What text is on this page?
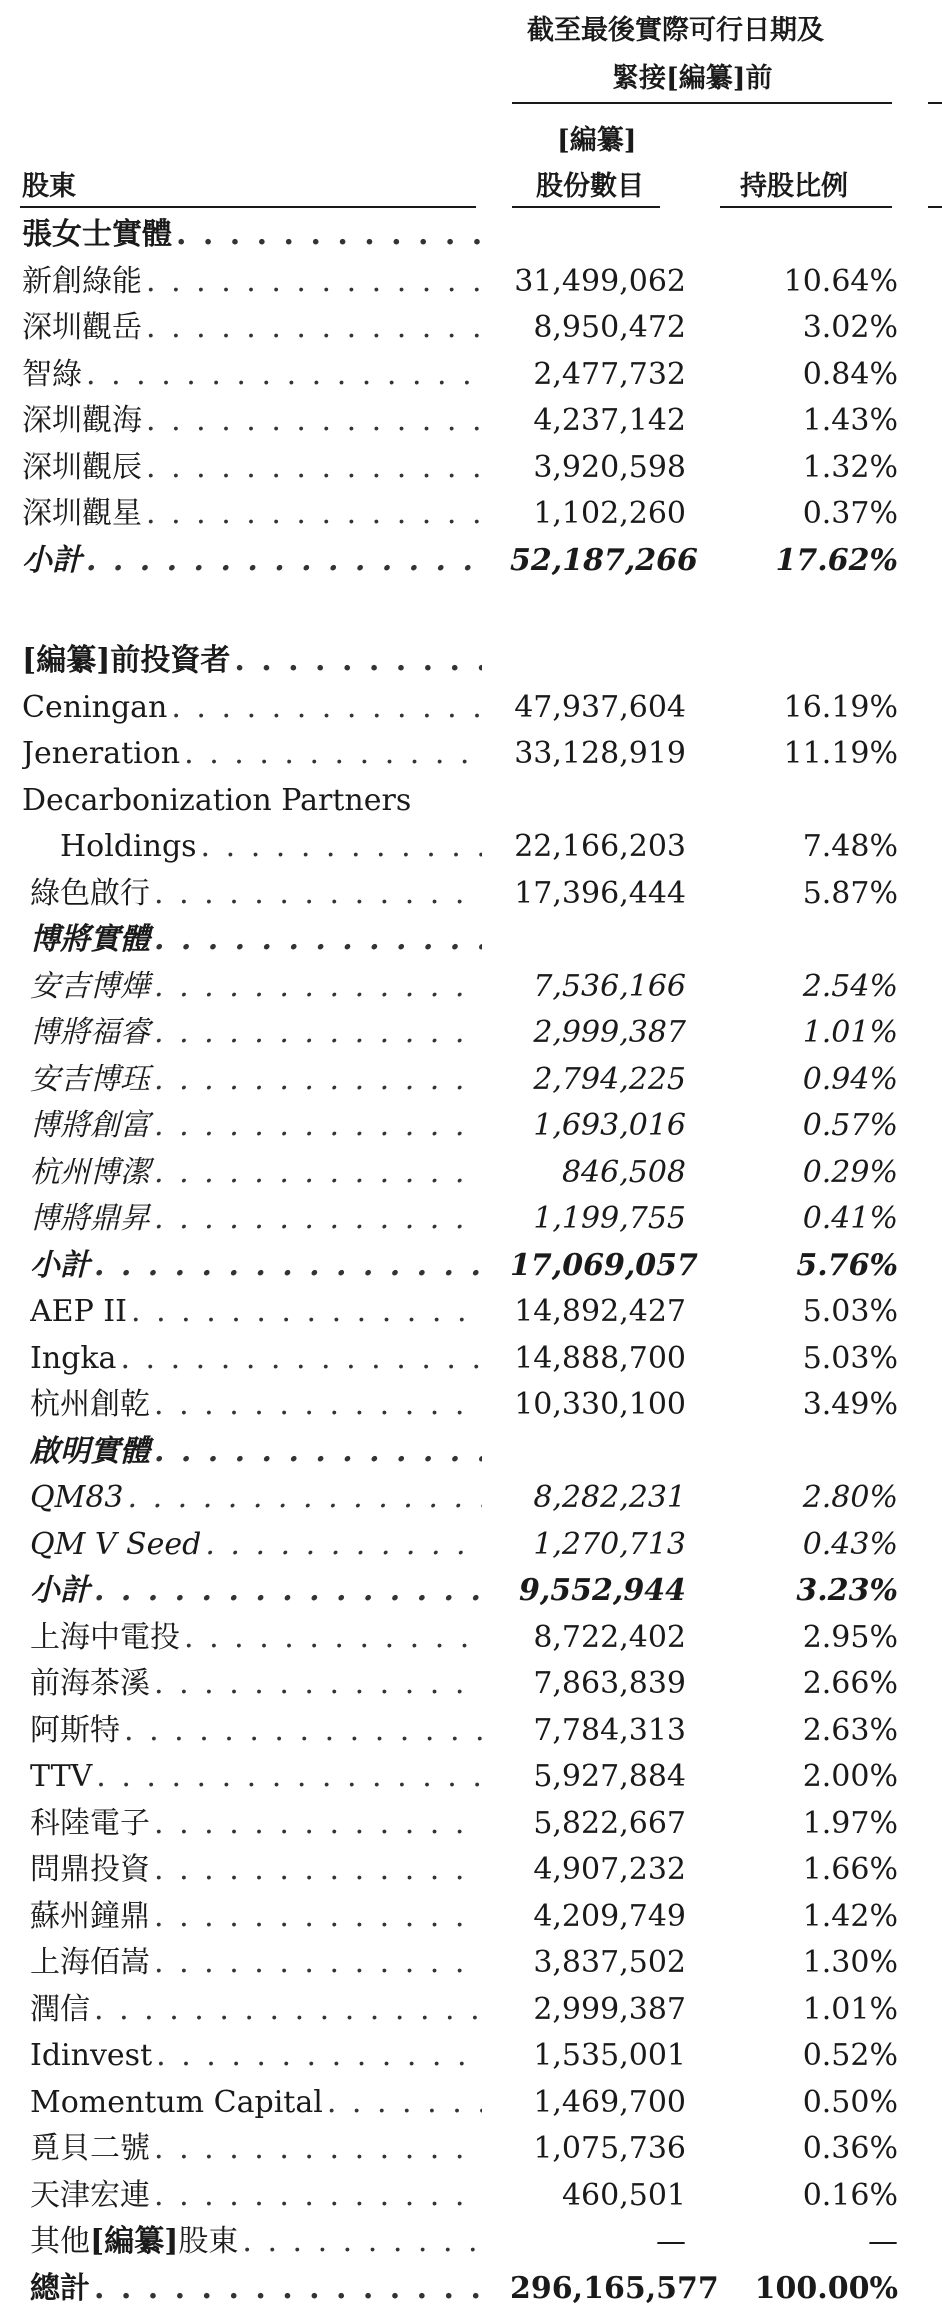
截至最後實際可行日期及
緊接[編纂]前
[編纂]
股份數目	持股比例
股東
張女士實體
. . .
新創綠能 . . .	31,499,062	10.64%
深圳觀岳 . . .	8,950,472	3.02%
智綠 . . .	2,477,732	0.84%
深圳觀海 . . .	4,237,142	1.43%
深圳觀辰 . . .	3,920,598	1.32%
深圳觀星 . . .	1,102,260	0.37%
小計 . . .	52,187,266	17.62%
[編纂]前投資者
. . .
Ceningan . . .	47,937,604	16.19%
Jeneration . . .	33,128,919	11.19%
Decarbonization Partners
Holdings . . .	22,166,203	7.48%
綠色啟行 . . .	17,396,444	5.87%
博將實體
. . .
安吉博燁 . . .	7,536,166	2.54%
博將福睿 . . .	2,999,387	1.01%
安吉博珏 . . .	2,794,225	0.94%
博將創富 . . .	1,693,016	0.57%
杭州博潔 . . .	846,508	0.29%
博將鼎昇 . . .	1,199,755	0.41%
小計 . . .	17,069,057	5.76%
AEP II . . .	14,892,427	5.03%
Ingka . . .	14,888,700	5.03%
杭州創乾 . . .	10,330,100	3.49%
啟明實體
. . .
QM83 . . .	8,282,231	2.80%
QM V Seed . . .	1,270,713	0.43%
小計 . . .	9,552,944	3.23%
上海中電投 . . .	8,722,402	2.95%
前海茶溪 . . .	7,863,839	2.66%
阿斯特 . . .	7,784,313	2.63%
TTV . . .	5,927,884	2.00%
科陸電子 . . .	5,822,667	1.97%
問鼎投資 . . .	4,907,232	1.66%
蘇州鐘鼎 . . .	4,209,749	1.42%
上海佰嵩 . . .	3,837,502	1.30%
潤信 . . .	2,999,387	1.01%
Idinvest . . .	1,535,001	0.52%
Momentum Capital . . .	1,469,700	0.50%
覓貝二號 . . .	1,075,736	0.36%
天津宏連 . . .	460,501	0.16%
其他[編纂]股東 . . .	—	—
總計 . . .	296,165,577	100.00%
